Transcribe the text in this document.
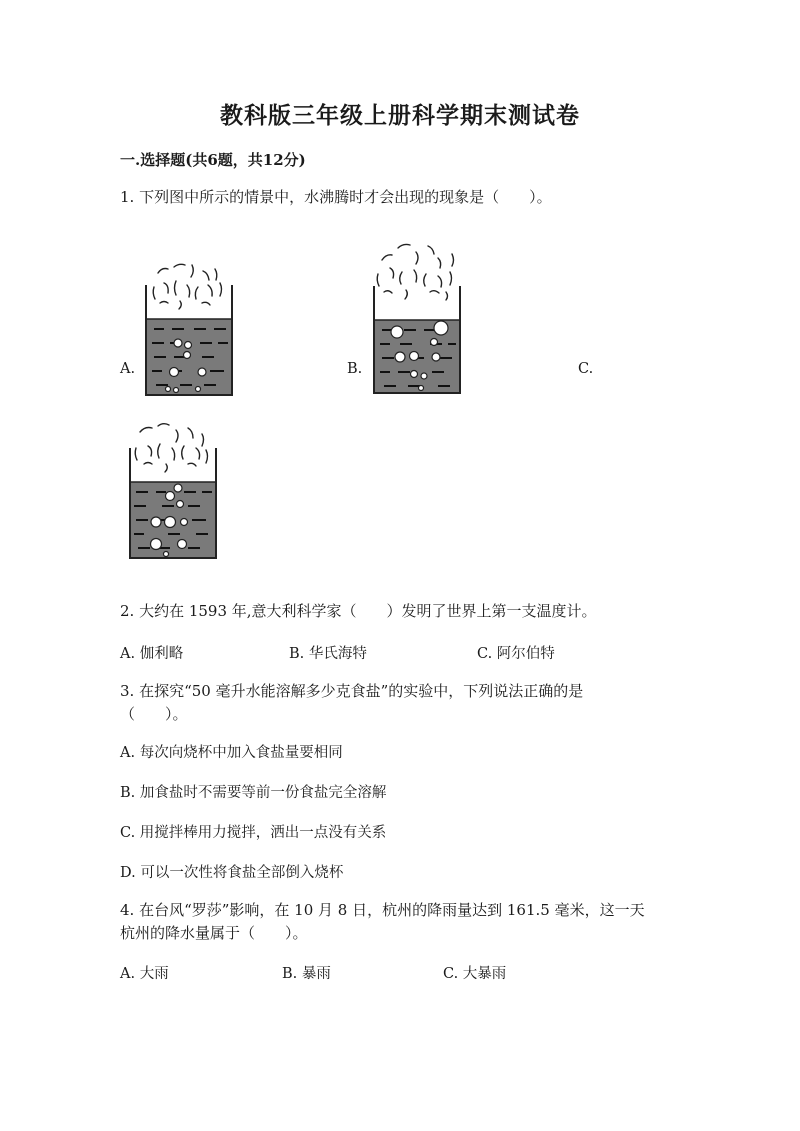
教科版三年级上册科学期末测试卷
一.选择题(共6题，共12分)
1. 下列图中所示的情景中，水沸腾时才会出现的现象是（　　）。
A.	B.	C.
2. 大约在 1593 年,意大利科学家（　　）发明了世界上第一支温度计。
A. 伽利略	B. 华氏海特	C. 阿尔伯特
3. 在探究“50 毫升水能溶解多少克食盐”的实验中，下列说法正确的是
（　　）。
A. 每次向烧杯中加入食盐量要相同
B. 加食盐时不需要等前一份食盐完全溶解
C. 用搅拌棒用力搅拌，洒出一点没有关系
D. 可以一次性将食盐全部倒入烧杯
4. 在台风“罗莎”影响，在 10 月 8 日，杭州的降雨量达到 161.5 毫米，这一天
杭州的降水量属于（　　）。
A. 大雨	B. 暴雨	C. 大暴雨
